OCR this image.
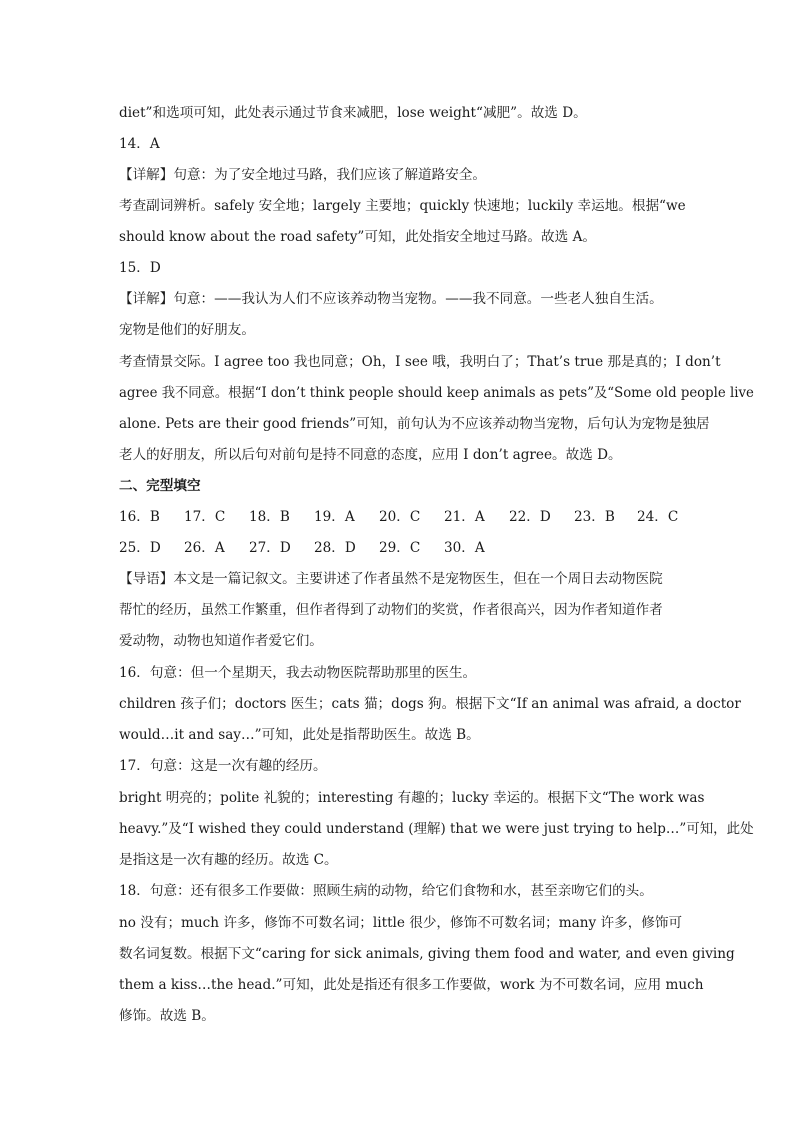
diet”和选项可知，此处表示通过节食来减肥，lose weight“减肥”。故选 D。

14．A

【详解】句意：为了安全地过马路，我们应该了解道路安全。

考查副词辨析。safely 安全地；largely 主要地；quickly 快速地；luckily 幸运地。根据“we

should know about the road safety”可知，此处指安全地过马路。故选 A。

15．D

【详解】句意：——我认为人们不应该养动物当宠物。——我不同意。一些老人独自生活。

宠物是他们的好朋友。

考查情景交际。I agree too 我也同意；Oh，I see 哦，我明白了；That’s true 那是真的；I don’t

agree 我不同意。根据“I don’t think people should keep animals as pets”及“Some old people live

alone. Pets are their good friends”可知，前句认为不应该养动物当宠物，后句认为宠物是独居

老人的好朋友，所以后句对前句是持不同意的态度，应用 I don’t agree。故选 D。

二、完型填空

16．B 17．C 18．B 19．A 20．C 21．A 22．D 23．B 24．C
25．D 26．A 27．D 28．D 29．C 30．A

【导语】本文是一篇记叙文。主要讲述了作者虽然不是宠物医生，但在一个周日去动物医院

帮忙的经历，虽然工作繁重，但作者得到了动物们的奖赏，作者很高兴，因为作者知道作者

爱动物，动物也知道作者爱它们。

16．句意：但一个星期天，我去动物医院帮助那里的医生。

children 孩子们；doctors 医生；cats 猫；dogs 狗。根据下文“If an animal was afraid, a doctor

would…it and say…”可知，此处是指帮助医生。故选 B。

17．句意：这是一次有趣的经历。

bright 明亮的；polite 礼貌的；interesting 有趣的；lucky 幸运的。根据下文“The work was

heavy.”及“I wished they could understand (理解) that we were just trying to help…”可知，此处

是指这是一次有趣的经历。故选 C。

18．句意：还有很多工作要做：照顾生病的动物，给它们食物和水，甚至亲吻它们的头。

no 没有；much 许多，修饰不可数名词；little 很少，修饰不可数名词；many 许多，修饰可

数名词复数。根据下文“caring for sick animals, giving them food and water, and even giving

them a kiss…the head.”可知，此处是指还有很多工作要做，work 为不可数名词，应用 much

修饰。故选 B。
